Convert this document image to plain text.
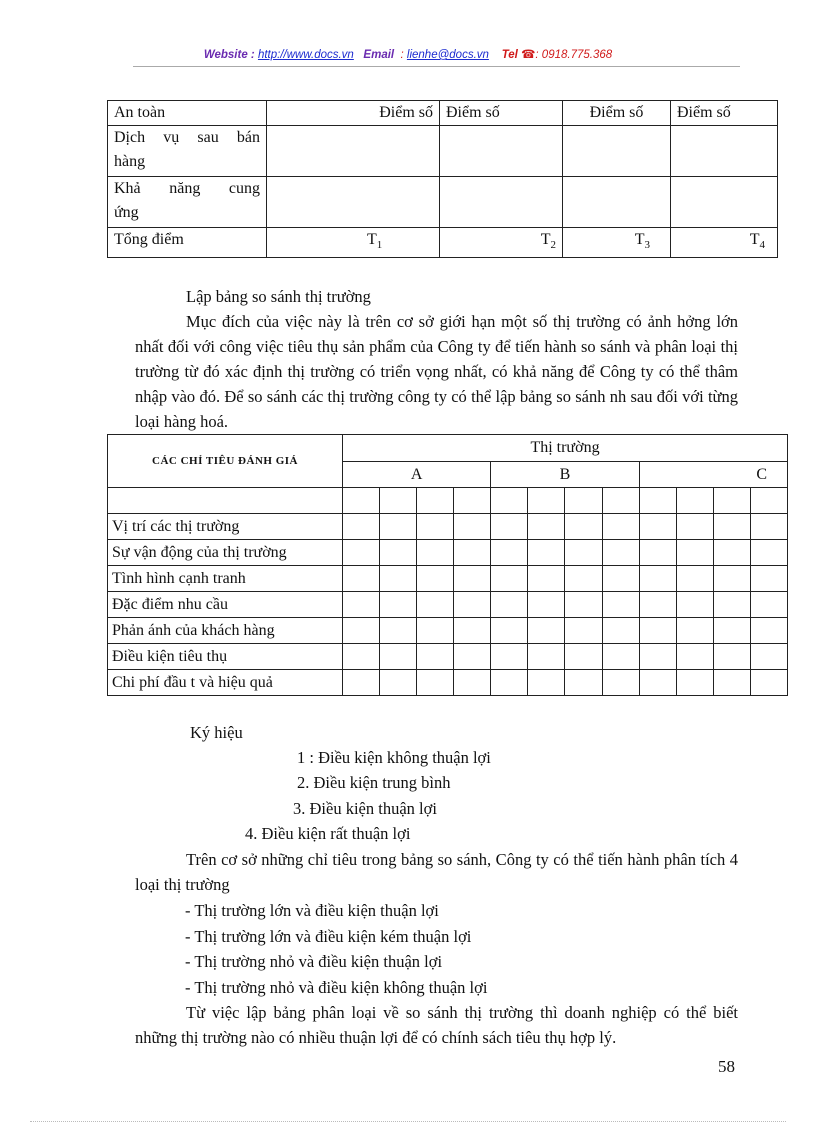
Website : http://www.docs.vn Email : lienhe@docs.vn Tel ☎: 0918.775.368
An toàn	Điểm số	Điểm số	Điểm số	Điểm số

Dịch vụ sau bán
hàng				

Khả năng cung
ứng				

Tổng điểm	$T_1$	$T_2$	$T_3$	$T_4$
Lập bảng so sánh thị trường
Mục đích của việc này là trên cơ sở giới hạn một số thị trường có ảnh hởng lớn nhất đối với công việc tiêu thụ sản phẩm của Công ty để tiến hành so sánh và phân loại thị trường từ đó xác định thị trường có triển vọng nhất, có khả năng để Công ty có thể thâm nhập vào đó. Để so sánh các thị trường công ty có thể lập bảng so sánh nh sau đối với từng loại hàng hoá.
CÁC CHỈ TIÊU ĐÁNH GIÁ	Thị trường											
	A				B				C			

Vị trí các thị trường												
Sự vận động của thị trường												
Tình hình cạnh tranh												
Đặc điểm nhu cầu												
Phản ánh của khách hàng												
Điều kiện tiêu thụ												
Chi phí đầu t và hiệu quả												
Ký hiệu
1 : Điều kiện không thuận lợi
2. Điều kiện trung bình
3. Điều kiện thuận lợi
4. Điều kiện rất thuận lợi
Trên cơ sở những chỉ tiêu trong bảng so sánh, Công ty có thể tiến hành phân tích 4 loại thị trường
- Thị trường lớn và điều kiện thuận lợi
- Thị trường lớn và điều kiện kém thuận lợi
- Thị trường nhỏ và điều kiện thuận lợi
- Thị trường nhỏ và điều kiện không thuận lợi
Từ việc lập bảng phân loại về so sánh thị trường thì doanh nghiệp có thể biết những thị trường nào có nhiều thuận lợi để có chính sách tiêu thụ hợp lý.
58
